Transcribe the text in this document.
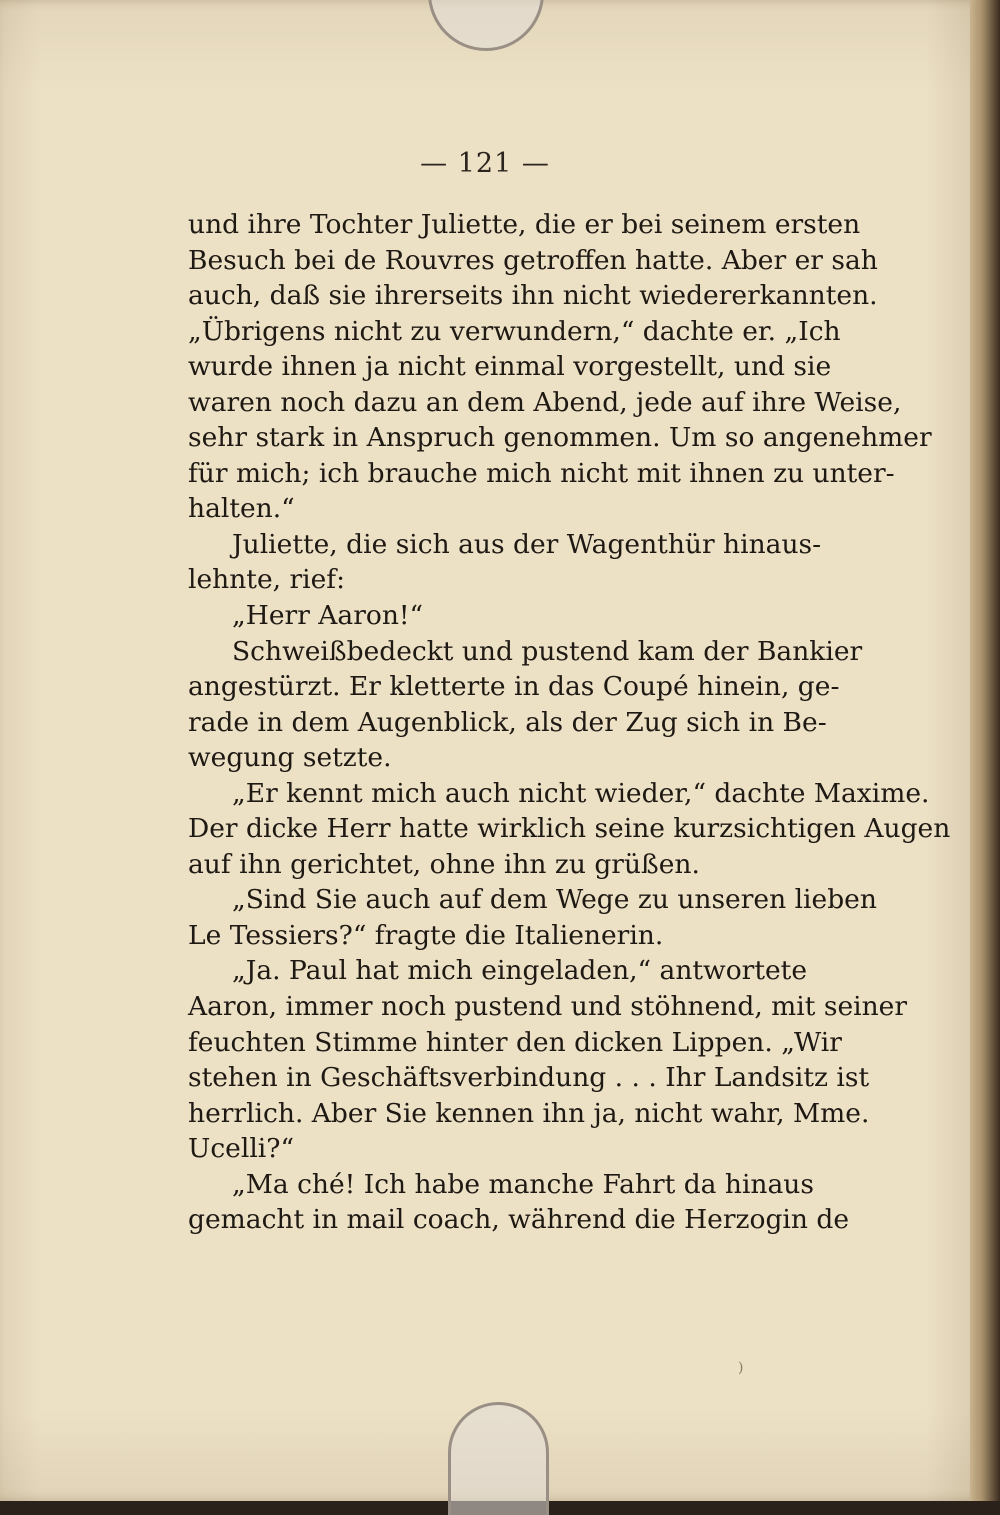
— 121 —
und ihre Tochter Juliette, die er bei seinem ersten
Besuch bei de Rouvres getroffen hatte. Aber er sah
auch, daß sie ihrerseits ihn nicht wiedererkannten.
„Übrigens nicht zu verwundern,“ dachte er. „Ich
wurde ihnen ja nicht einmal vorgestellt, und sie
waren noch dazu an dem Abend, jede auf ihre Weise,
sehr stark in Anspruch genommen. Um so angenehmer
für mich; ich brauche mich nicht mit ihnen zu unter-
halten.“
Juliette, die sich aus der Wagenthür hinaus-
lehnte, rief:
„Herr Aaron!“
Schweißbedeckt und pustend kam der Bankier
angestürzt. Er kletterte in das Coupé hinein, ge-
rade in dem Augenblick, als der Zug sich in Be-
wegung setzte.
„Er kennt mich auch nicht wieder,“ dachte Maxime.
Der dicke Herr hatte wirklich seine kurzsichtigen Augen
auf ihn gerichtet, ohne ihn zu grüßen.
„Sind Sie auch auf dem Wege zu unseren lieben
Le Tessiers?“ fragte die Italienerin.
„Ja. Paul hat mich eingeladen,“ antwortete
Aaron, immer noch pustend und stöhnend, mit seiner
feuchten Stimme hinter den dicken Lippen. „Wir
stehen in Geschäftsverbindung . . . Ihr Landsitz ist
herrlich. Aber Sie kennen ihn ja, nicht wahr, Mme.
Ucelli?“
„Ma ché! Ich habe manche Fahrt da hinaus
gemacht in mail coach, während die Herzogin de
)
